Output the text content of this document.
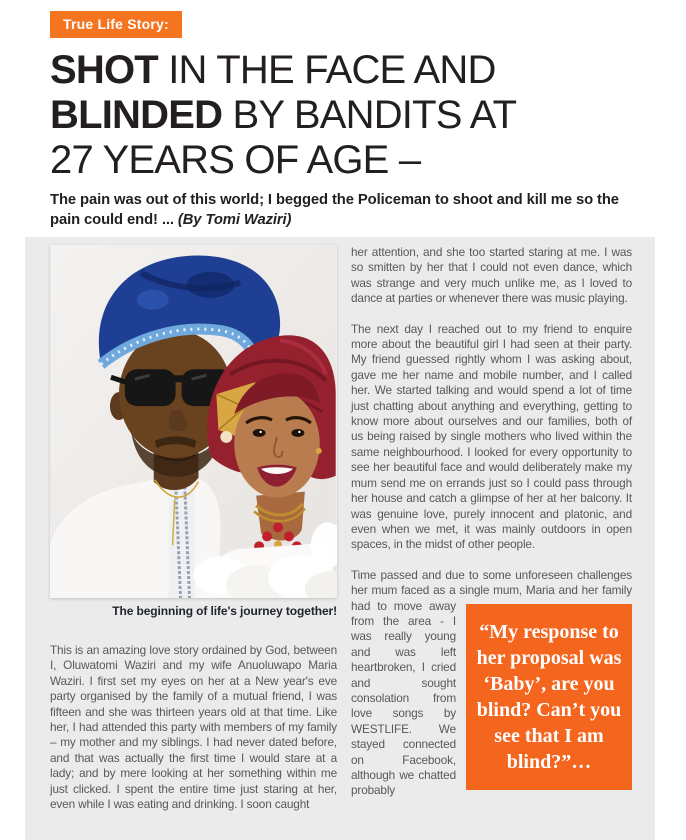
True Life Story:
SHOT IN THE FACE AND
BLINDED BY BANDITS AT
27 YEARS OF AGE –

The pain was out of this world; I begged the Policeman to shoot and kill me so the pain could end! ... (By Tomi Waziri)

The beginning of life's journey together!

This is an amazing love story ordained by God, between I, Oluwatomi Waziri and my wife Anuoluwapo Maria Waziri. I first set my eyes on her at a New year's eve party organised by the family of a mutual friend, I was fifteen and she was thirteen years old at that time. Like her, I had attended this party with members of my family – my mother and my siblings. I had never dated before, and that was actually the first time I would stare at a lady; and by mere looking at her something within me just clicked. I spent the entire time just staring at her, even while I was eating and drinking. I soon caught

her attention, and she too started staring at me. I was so smitten by her that I could not even dance, which was strange and very much unlike me, as I loved to dance at parties or whenever there was music playing.

The next day I reached out to my friend to enquire more about the beautiful girl I had seen at their party. My friend guessed rightly whom I was asking about, gave me her name and mobile number, and I called her. We started talking and would spend a lot of time just chatting about anything and everything, getting to know more about ourselves and our families, both of us being raised by single mothers who lived within the same neighbourhood. I looked for every opportunity to see her beautiful face and would deliberately make my mum send me on errands just so I could pass through her house and catch a glimpse of her at her balcony. It was genuine love, purely innocent and platonic, and even when we met, it was mainly outdoors in open spaces, in the midst of other people.

Time passed and due to some unforeseen challenges her mum faced as a single mum, Maria
“My response to her proposal was ‘Baby’, are you blind? Can’t you see that I am blind?”…
and her family had to move away from the area - I was really young and was left heartbroken, I cried and sought consolation from love songs by WESTLIFE. We stayed connected on Facebook, although we chatted probably
